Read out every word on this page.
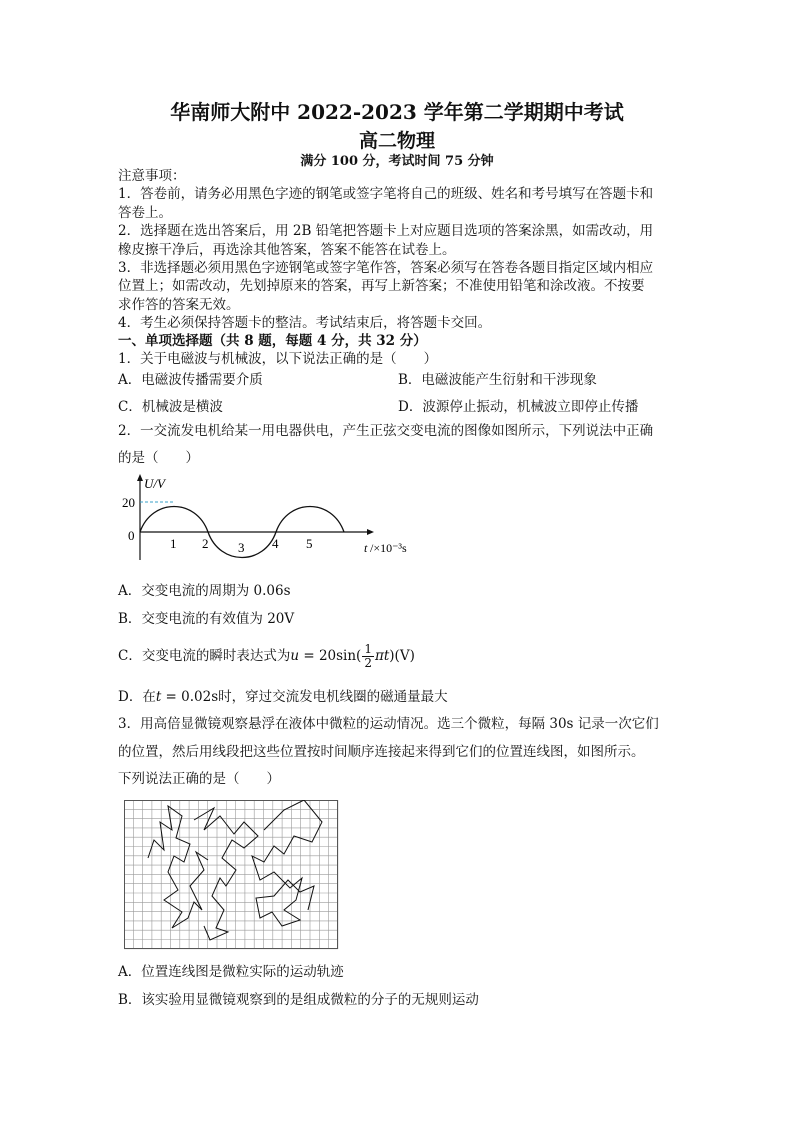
华南师大附中 2022-2023 学年第二学期期中考试
高二物理
满分 100 分，考试时间 75 分钟
注意事项：
1．答卷前，请务必用黑色字迹的钢笔或签字笔将自己的班级、姓名和考号填写在答题卡和
答卷上。
2．选择题在选出答案后，用 2B 铅笔把答题卡上对应题目选项的答案涂黑，如需改动，用
橡皮擦干净后，再选涂其他答案，答案不能答在试卷上。
3．非选择题必须用黑色字迹钢笔或签字笔作答，答案必须写在答卷各题目指定区域内相应
位置上；如需改动，先划掉原来的答案，再写上新答案；不准使用铅笔和涂改液。不按要
求作答的答案无效。
4．考生必须保持答题卡的整洁。考试结束后，将答题卡交回。
一、单项选择题（共 8 题，每题 4 分，共 32 分）
1．关于电磁波与机械波，以下说法正确的是（　　）
A．电磁波传播需要介质	B．电磁波能产生衍射和干涉现象
C．机械波是横波	D．波源停止振动，机械波立即停止传播
2．一交流发电机给某一用电器供电，产生正弦交变电流的图像如图所示，下列说法中正确
的是（　　）
U/V
20
0
1 2 3 4 5	t /×10⁻³s
A．交变电流的周期为 0.06s
B．交变电流的有效值为 20V
C．交变电流的瞬时表达式为$u = 20\sin( \frac{1}{2} \pi t)(V)$
D．在t = 0.02s时，穿过交流发电机线圈的磁通量最大
3．用高倍显微镜观察悬浮在液体中微粒的运动情况。选三个微粒，每隔 30s 记录一次它们
的位置，然后用线段把这些位置按时间顺序连接起来得到它们的位置连线图，如图所示。
下列说法正确的是（　　）
A．位置连线图是微粒实际的运动轨迹
B．该实验用显微镜观察到的是组成微粒的分子的无规则运动
